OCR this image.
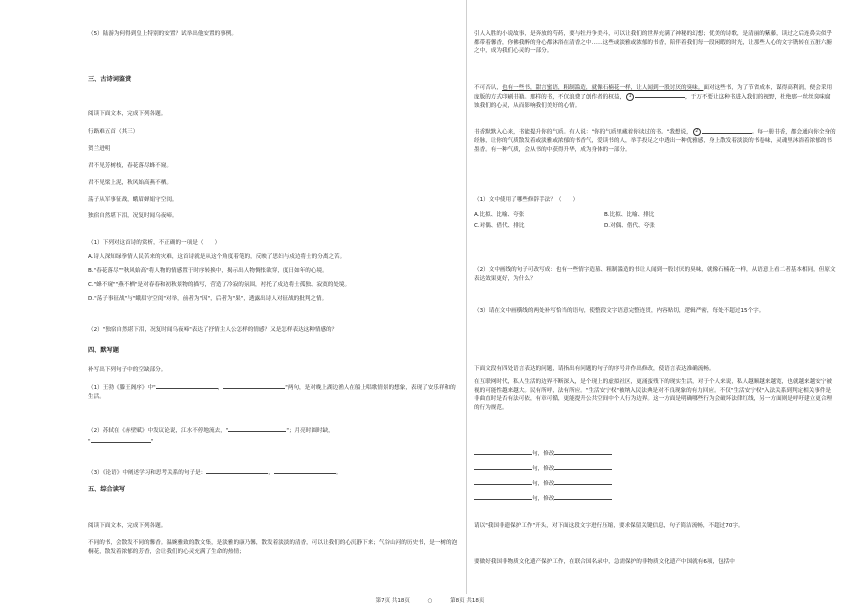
（5）陆游为何得到皇上特别的安置？试举出他安置的事例。

三、古诗词鉴赏

阅读下面文本，完成下列各题。

行路难五首（其三）

贺兰进明

君不见芳树枝，春花落尽蜂不窥。

君不见梁上泥，秋风始高燕不栖。

荡子从军事征战，蛾眉婵娟守空闺。

独宿自然堪下泪，况复时闻乌夜啼。

（1）下列对这首诗的赏析，不正确的一项是（　　）

A.诗人深知绿拳情人民苦来的灾难，这首诗就是从这个角度着笔的，反映了思妇与戍边将士的分离之苦。

B."春花落尽""秋风始高"将人物的情感置于时序转换中，揭示出人物惆怅欲穿，度日如年的心境。

C."蜂不窥""燕不栖"是对春春和初秋景物的描写，营造了冷寂的氛围，衬托了戍边将士孤独、寂寞的处境。

D."荡子事征战"与"蛾眉守空闺"对举，前者为"因"，后者为"果"，透露出诗人对征战的批判之情。

（2）"独宿自然堪下泪，况复时闻乌夜啼"表达了抒情主人公怎样的情感？又是怎样表达这种情感的？

四、默写题

补写出下列句子中的空缺部分。

（1）王勃《滕王阁序》中"	，	"两句，是对晚上湖边渔人在船上唱歌情景的想象，表现了安乐祥和的生活。

（2）苏轼在《赤壁赋》中发议论说，江水不停地流去，"	"；月亮时圆时缺，

"	"

（3）《论语》中阐述学习和思考关系的句子是：	，	。

五、综合读写

阅读下面文本，完成下列各题。

不同的书，会散发不同的馨香。温婉雅致的散文集，是淡雅的康乃馨，散发着淡淡的清香，可以让我们的心沉静下来；气谷山河的历史书，是一树的泡桐花，散发着浓郁的芳香，会让我们的心灵充满了生命的热情；

引人入胜的小说故事，是奔放的芍药，要与牡丹争美斗，可以让我们的世界充满了神秘的幻想；优美的诗歌，是清丽的紫藤，读过之后连鼻尖似乎都带着馨香，你佛我醉的身心都沐浴在清香之中……这些或淡雅或浓郁的书香，陪伴着我们每一段闲暇的时光，让那些人心的文字镌转在五脏六腑之中，成为我们心灵的一部分。

不可否认，也有一些书，甜言蜜语，粗制滥造，就像石楠花一样，让人闻到一股讨厌的臭味。面对这些书，为了节省成本，谋得高利润，便会采用庞版的方式印刷书籍。那样的书，不仅浪费了创作者的权益， 1	，于万不要让这种书进入我们的视野，杜绝那一丝丝臭味腐蚀我们的心灵，从而影响我们美好的心情。

书香默默入心来，书能提升你的气质。有人说："你的气质里藏着你读过的书。"我想说， 2	。每一册书香，都会通向你全身的经脉，让你的气质散发着或淡雅或浓郁的书香气，爱读书的人，举手投足之中透出一种优雅感，身上散发着淡淡的书卷味，灵魂里沐浴着浓郁的书墨香。有一种气质，会从书的中获得升华，成为身体的一部分。

（1）文中使用了哪些修辞手法？（　　）

A.比拟、比喻、夸张	B.比拟、比喻、排比

C.对偶、借代、排比	D.对偶、借代、夸张

（2）文中画线的句子可改写成：也有一些情字造墓、粗制滥造的书让人闻到一股讨厌的臭味，就像石楠花一样，从语意上看二者基本相同，但原文表达效果更好，为什么？

（3）请在文中画横线的两处补写恰当的语句，使整段文字语意完整连贯，内容贴切，逻辑严密，每处不超过15个字。

下面文段有四处语言表达的问题，请指出有问题的句子的序号并作出修改，使语言表达准确流畅。

在互联网时代，私人生活的边界不断深入，是个现上的虚拟社区，更涌蛮残下的现实生活，对于个人来说，私人越顺越来越宽，也就越来越安宁被视的可能性越来越大。民有所呼，法有所应。"生活安宁权"被纳入民法典是对不良现象的有力回应。不仅"生活安宁权"入法关系到判定相关事件是非曲直时是否有法可依，有章可循，更能提升公共空间中个人行为边界。这一方面是明确哪些行为会破坏法律红线，另一方面则是呼吁建立更合理的行为规范。

句，修改
句，修改
句，修改
句，修改

请以"我国非遗保护工作"开头，对下面这段文字进行压缩，要求保留关键信息，句子简洁流畅，不超过70字。

要做好我国非物质文化遗产保护工作，在联合国名录中，急需保护的非物质文化遗产中国就有6项，包括中

第7页 共18页	○	第8页 共18页
